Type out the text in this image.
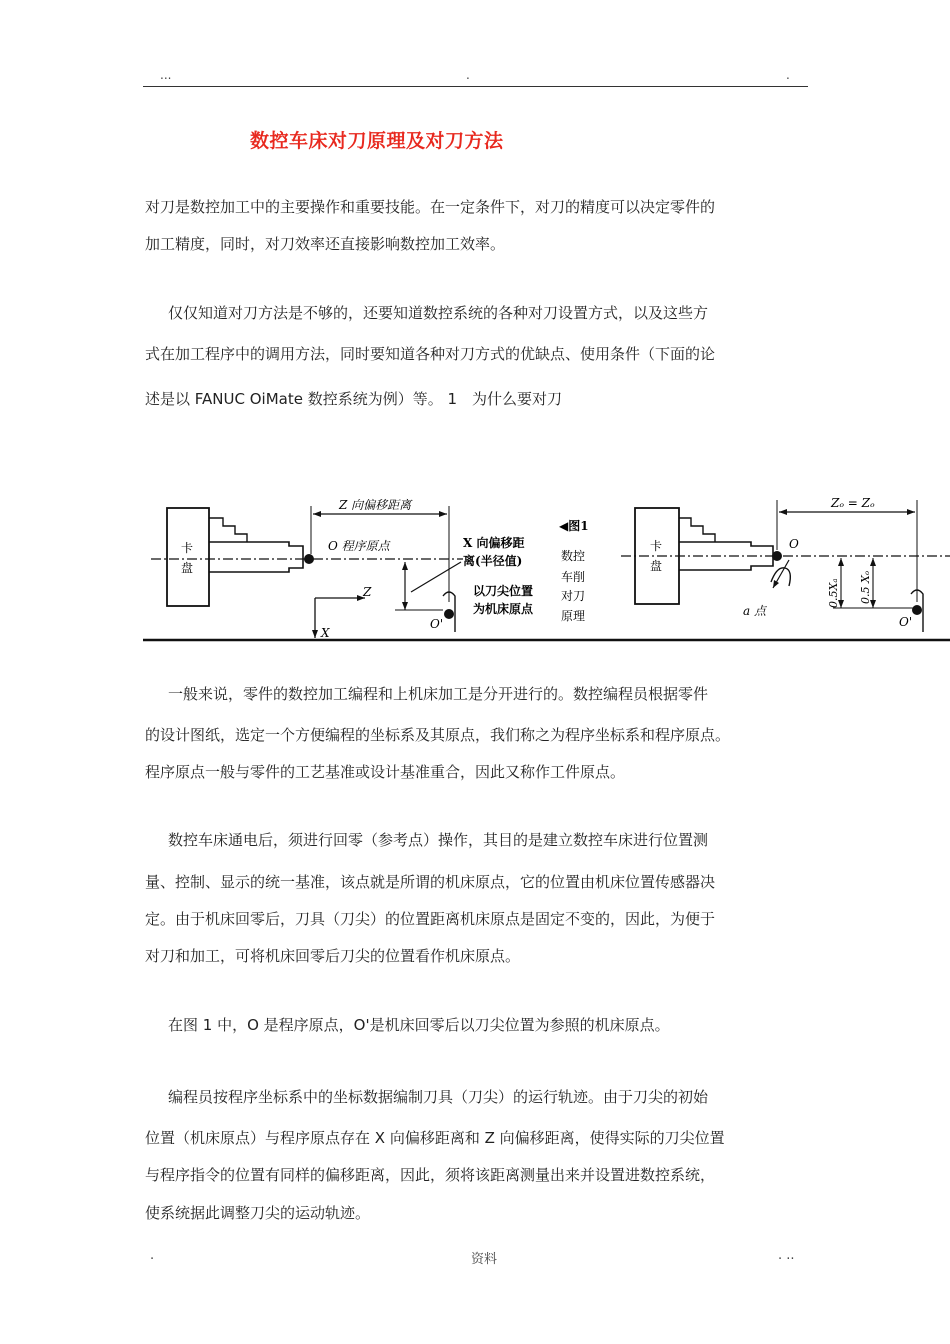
...	.	.
数控车床对刀原理及对刀方法
对刀是数控加工中的主要操作和重要技能。在一定条件下，对刀的精度可以决定零件的
加工精度，同时，对刀效率还直接影响数控加工效率。
仅仅知道对刀方法是不够的，还要知道数控系统的各种对刀设置方式，以及这些方
式在加工程序中的调用方法，同时要知道各种对刀方式的优缺点、使用条件（下面的论
述是以 FANUC OiMate 数控系统为例）等。 1　为什么要对刀
卡
盘
O 程序原点
Z 向偏移距离
O'
Z
X
X 向偏移距
离(半径值)
以刀尖位置
为机床原点
◀图1
数控
车削
对刀
原理
卡
盘
O
Zₒ = Zₒ
a 点
0.5Xₐ 0.5 Xₒ
O'
一般来说，零件的数控加工编程和上机床加工是分开进行的。数控编程员根据零件
的设计图纸，选定一个方便编程的坐标系及其原点，我们称之为程序坐标系和程序原点。
程序原点一般与零件的工艺基准或设计基准重合，因此又称作工件原点。
数控车床通电后，须进行回零（参考点）操作，其目的是建立数控车床进行位置测
量、控制、显示的统一基准，该点就是所谓的机床原点，它的位置由机床位置传感器决
定。由于机床回零后，刀具（刀尖）的位置距离机床原点是固定不变的，因此，为便于
对刀和加工，可将机床回零后刀尖的位置看作机床原点。
在图 1 中，O 是程序原点，O'是机床回零后以刀尖位置为参照的机床原点。
编程员按程序坐标系中的坐标数据编制刀具（刀尖）的运行轨迹。由于刀尖的初始
位置（机床原点）与程序原点存在 X 向偏移距离和 Z 向偏移距离，使得实际的刀尖位置
与程序指令的位置有同样的偏移距离，因此，须将该距离测量出来并设置进数控系统，
使系统据此调整刀尖的运动轨迹。
.	资料	. ..
